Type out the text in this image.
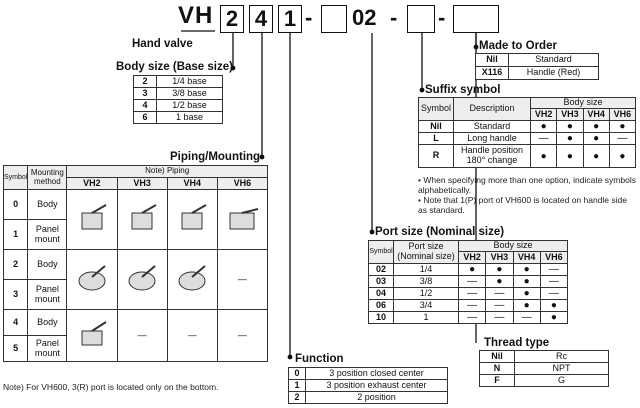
VH 2 4 1 - 02 - -
Hand valve	Made to Order
Nil	Standard
X116	Handle (Red)
Body size (Base size)
2	1/4 base
3	3/8 base
4	1/2 base
6	1 base
Suffix symbol
Symbol	Description	Body size			
		VH2	VH3	VH4	VH6
Nil	Standard	●	●	●	●
L	Long handle	—	●	●	—
R	Handle position 180° change	●	●	●	●
• When specifying more than one option, indicate symbols alphabetically.
• Note that 1(P) port of VH600 is located on handle side as standard.
Piping/Mounting
Symbol	Mounting method	Note) Piping			
		VH2	VH3	VH4	VH6
0	Body				
1	Panel mount				
2	Body				—
3	Panel mount				
4	Body		—	—	—
5	Panel mount				
Note) For VH600, 3(R) port is located only on the bottom.
Port size (Nominal size)
Symbol	Port size (Nominal size)	Body size			
		VH2	VH3	VH4	VH6
02	1/4	●	●	●	—
03	3/8	—	●	●	—
04	1/2	—	—	●	—
06	3/4	—	—	●	●
10	1	—	—	—	●
Thread type
Nil	Rc
N	NPT
F	G
Function
0	3 position closed center
1	3 position exhaust center
2	2 position
